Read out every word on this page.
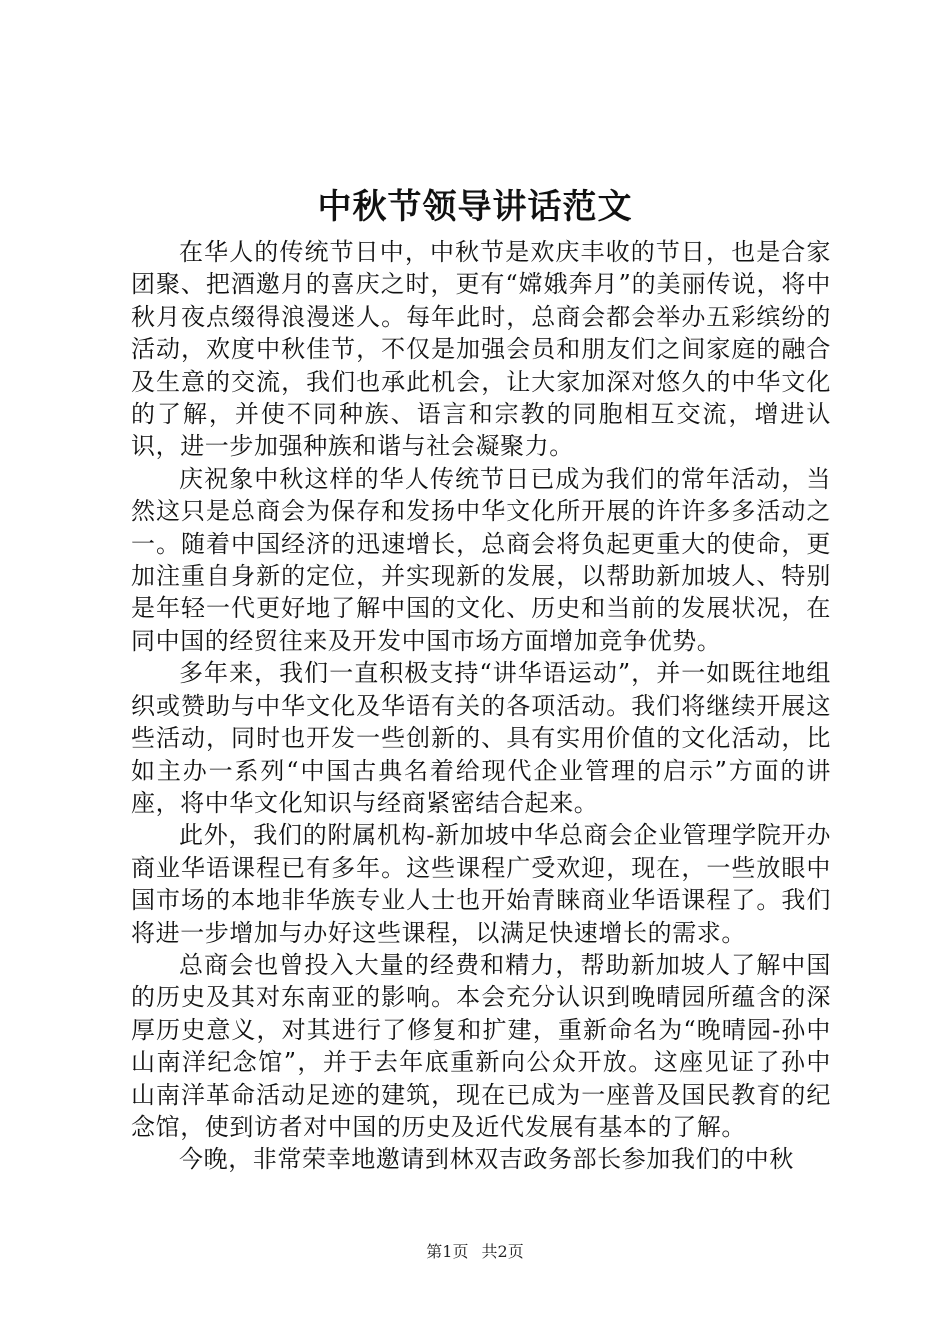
中秋节领导讲话范文

在华人的传统节日中，中秋节是欢庆丰收的节日，也是合家团聚、把酒邀月的喜庆之时，更有“嫦娥奔月”的美丽传说，将中秋月夜点缀得浪漫迷人。每年此时，总商会都会举办五彩缤纷的活动，欢度中秋佳节，不仅是加强会员和朋友们之间家庭的融合及生意的交流，我们也承此机会，让大家加深对悠久的中华文化的了解，并使不同种族、语言和宗教的同胞相互交流，增进认识，进一步加强种族和谐与社会凝聚力。

庆祝象中秋这样的华人传统节日已成为我们的常年活动，当然这只是总商会为保存和发扬中华文化所开展的许许多多活动之一。随着中国经济的迅速增长，总商会将负起更重大的使命，更加注重自身新的定位，并实现新的发展，以帮助新加坡人、特别是年轻一代更好地了解中国的文化、历史和当前的发展状况，在同中国的经贸往来及开发中国市场方面增加竞争优势。

多年来，我们一直积极支持“讲华语运动”，并一如既往地组织或赞助与中华文化及华语有关的各项活动。我们将继续开展这些活动，同时也开发一些创新的、具有实用价值的文化活动，比如主办一系列“中国古典名着给现代企业管理的启示”方面的讲座，将中华文化知识与经商紧密结合起来。

此外，我们的附属机构-新加坡中华总商会企业管理学院开办商业华语课程已有多年。这些课程广受欢迎，现在，一些放眼中国市场的本地非华族专业人士也开始青睐商业华语课程了。我们将进一步增加与办好这些课程，以满足快速增长的需求。

总商会也曾投入大量的经费和精力，帮助新加坡人了解中国的历史及其对东南亚的影响。本会充分认识到晚晴园所蕴含的深厚历史意义，对其进行了修复和扩建，重新命名为“晚晴园-孙中山南洋纪念馆”，并于去年底重新向公众开放。这座见证了孙中山南洋革命活动足迹的建筑，现在已成为一座普及国民教育的纪念馆，使到访者对中国的历史及近代发展有基本的了解。

今晚，非常荣幸地邀请到林双吉政务部长参加我们的中秋

第1页 共2页
